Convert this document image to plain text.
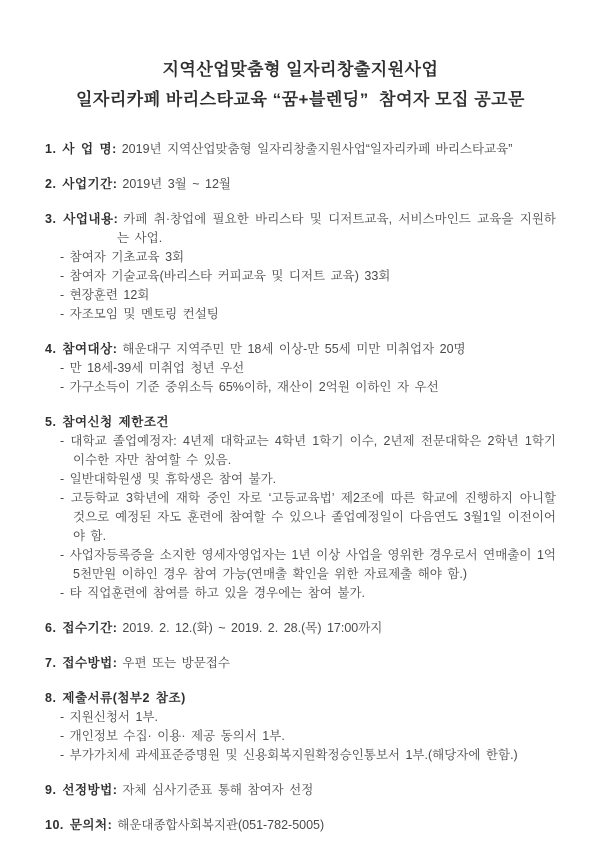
지역산업맞춤형 일자리창출지원사업
일자리카페 바리스타교육 “꿈+블렌딩”  참여자 모집 공고문

1. 사 업 명: 2019년 지역산업맞춤형 일자리창출지원사업“일자리카페 바리스타교육”

2. 사업기간: 2019년 3월 ~ 12월

3. 사업내용: 카페 취·창업에 필요한 바리스타 및 디저트교육, 서비스마인드 교육을 지원하는 사업.

- 참여자 기초교육 3회

- 참여자 기술교육(바리스타 커피교육 및 디저트 교육) 33회

- 현장훈련 12회

- 자조모임 및 멘토링 컨설팅

4. 참여대상: 해운대구 지역주민 만 18세 이상-만 55세 미만 미취업자 20명

- 만 18세-39세 미취업 청년 우선

- 가구소득이 기준 중위소득 65%이하, 재산이 2억원 이하인 자 우선

5. 참여신청 제한조건

- 대학교 졸업예정자: 4년제 대학교는 4학년 1학기 이수, 2년제 전문대학은 2학년 1학기 이수한 자만 참여할 수 있음.

- 일반대학원생 및 휴학생은 참여 불가.

- 고등학교 3학년에 재학 중인 자로 ‘고등교육법’ 제2조에 따른 학교에 진행하지 아니할 것으로 예정된 자도 훈련에 참여할 수 있으나 졸업예정일이 다음연도 3월1일 이전이어야 함.

- 사업자등록증을 소지한 영세자영업자는 1년 이상 사업을 영위한 경우로서 연매출이 1억5천만원 이하인 경우 참여 가능(연매출 확인을 위한 자료제출 해야 함.)

- 타 직업훈련에 참여를 하고 있을 경우에는 참여 불가.

6. 접수기간: 2019. 2. 12.(화) ~ 2019. 2. 28.(목) 17:00까지

7. 접수방법: 우편 또는 방문접수

8. 제출서류(첨부2 참조)

- 지원신청서 1부.

- 개인정보 수집· 이용· 제공 동의서 1부.

- 부가가치세 과세표준증명원 및 신용회복지원확정승인통보서 1부.(해당자에 한함.)

9. 선정방법: 자체 심사기준표 통해 참여자 선정

10. 문의처: 해운대종합사회복지관(051-782-5005)
